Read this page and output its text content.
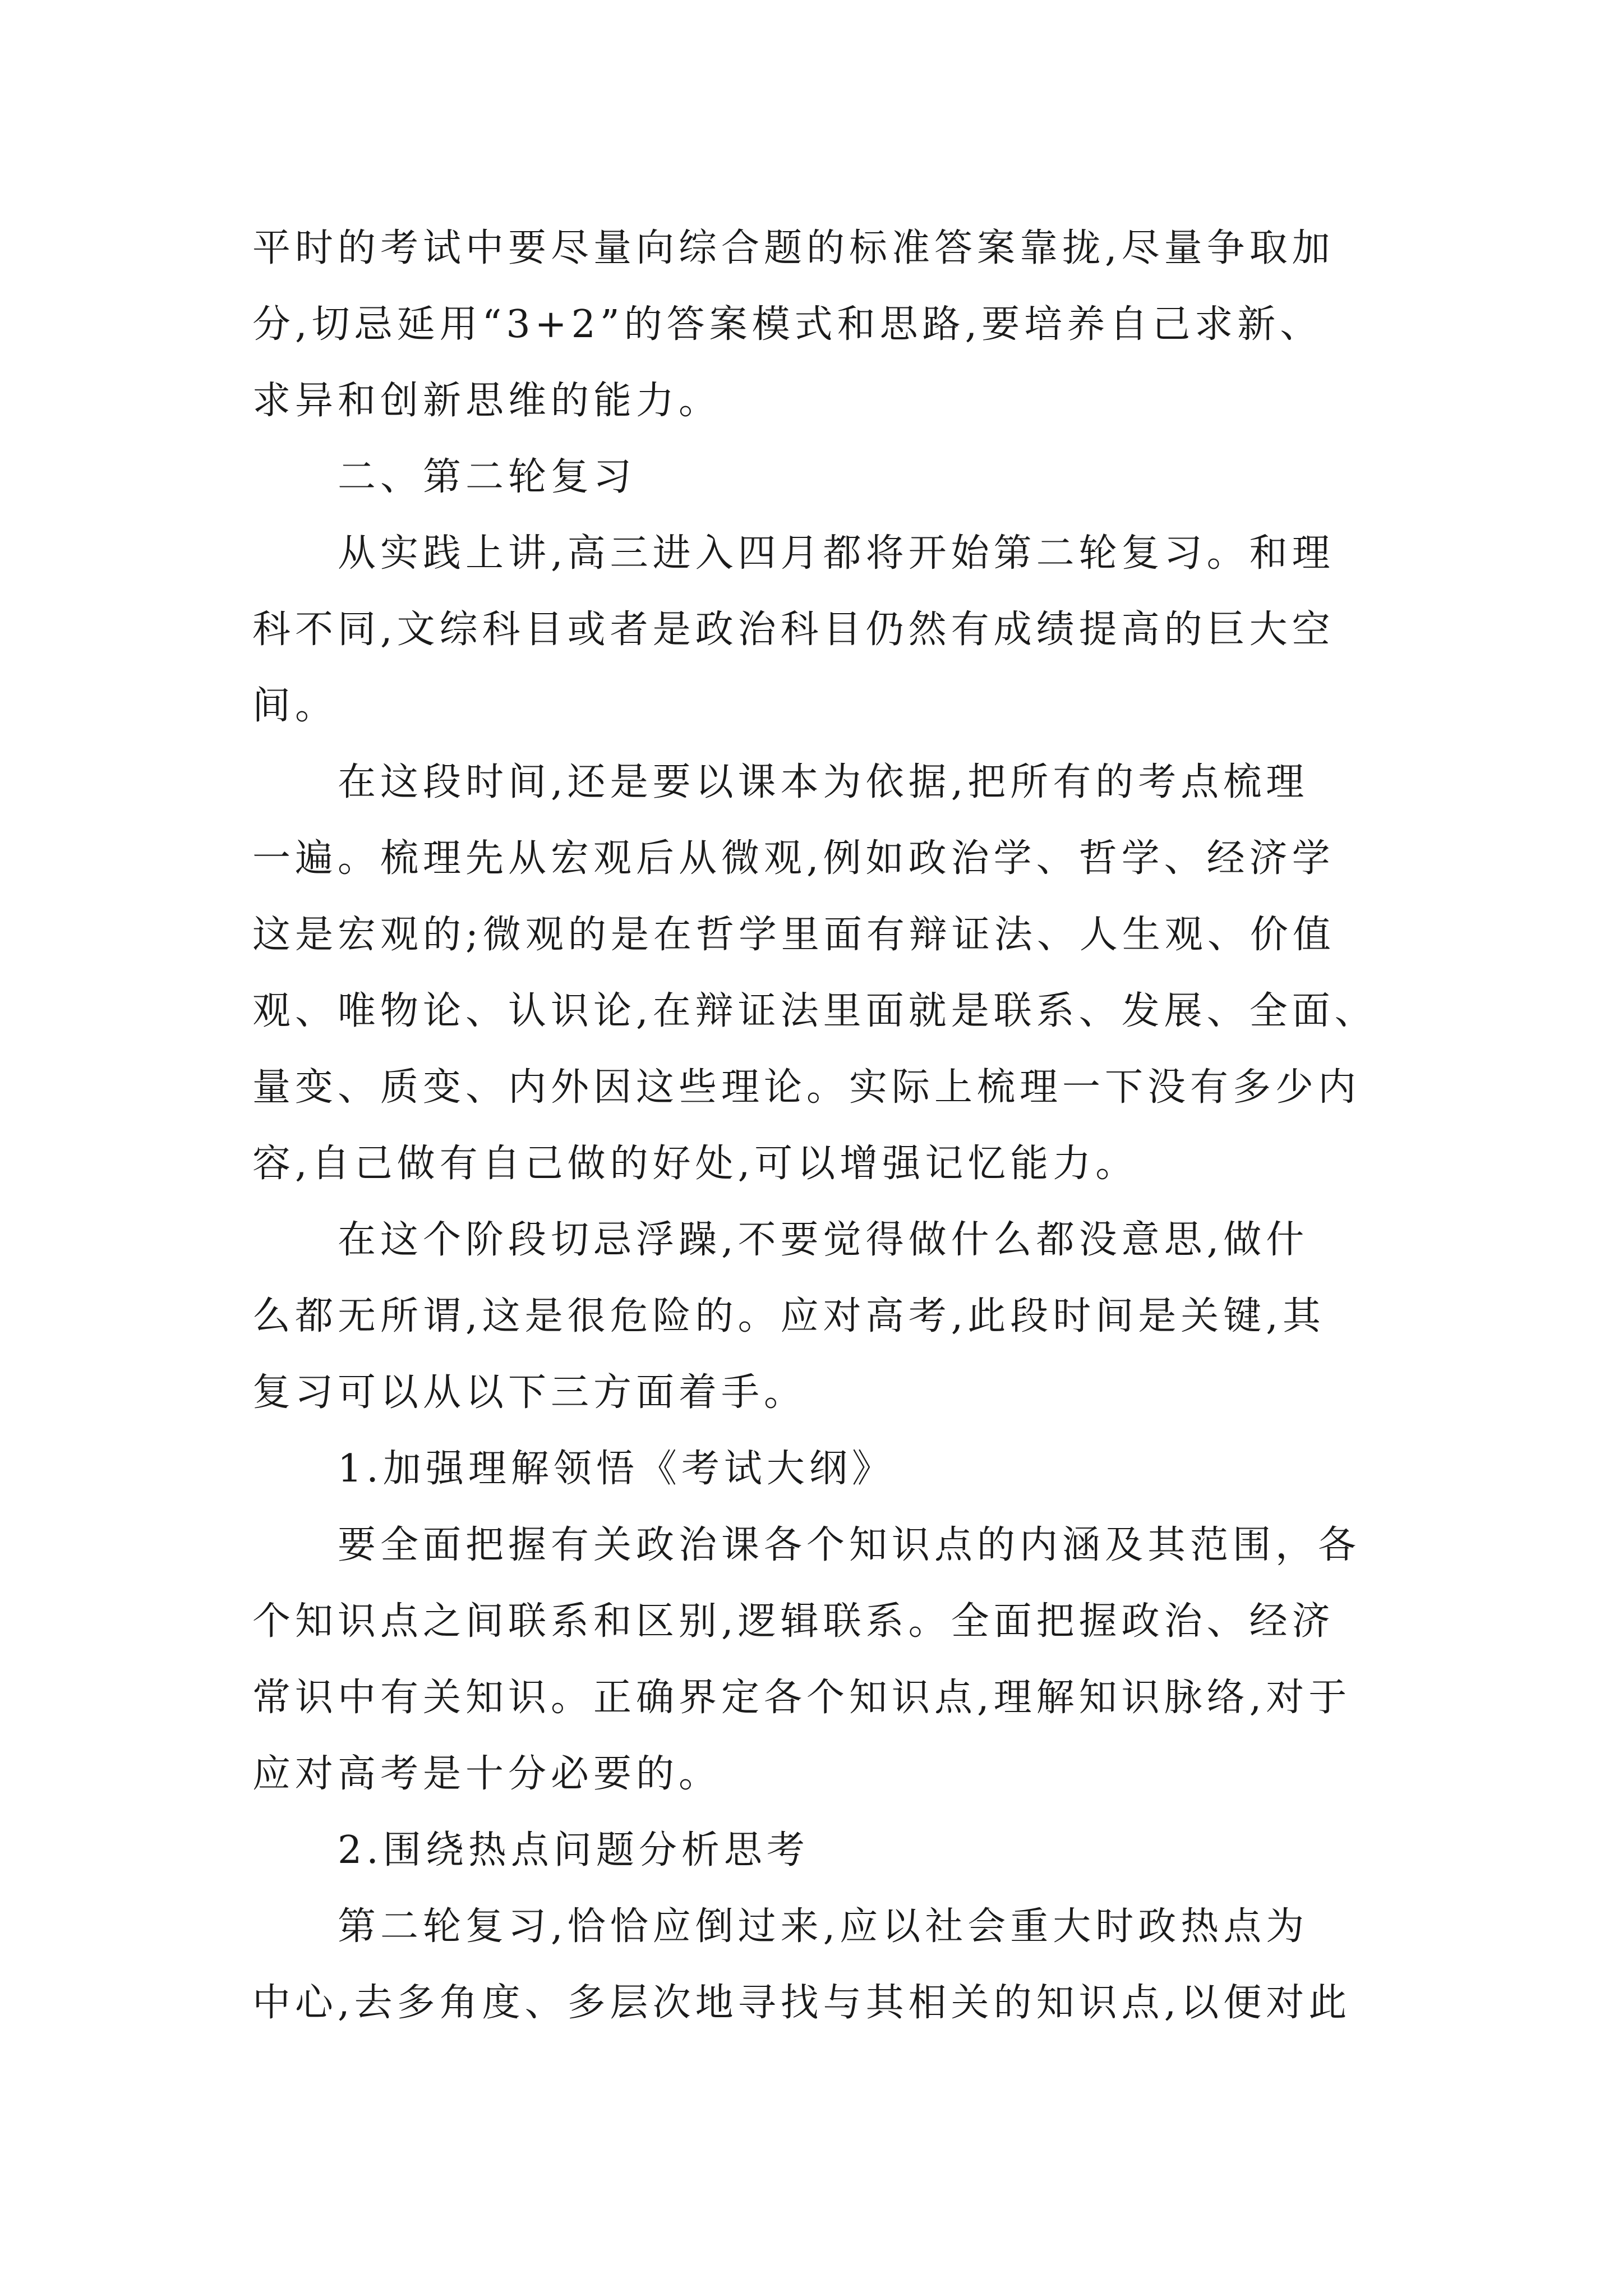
平时的考试中要尽量向综合题的标准答案靠拢,尽量争取加
分,切忌延用“3+2”的答案模式和思路,要培养自己求新、
求异和创新思维的能力。
二、第二轮复习
从实践上讲,高三进入四月都将开始第二轮复习。和理
科不同,文综科目或者是政治科目仍然有成绩提高的巨大空
间。
在这段时间,还是要以课本为依据,把所有的考点梳理
一遍。梳理先从宏观后从微观,例如政治学、哲学、经济学
这是宏观的;微观的是在哲学里面有辩证法、人生观、价值
观、唯物论、认识论,在辩证法里面就是联系、发展、全面、
量变、质变、内外因这些理论。实际上梳理一下没有多少内
容,自己做有自己做的好处,可以增强记忆能力。
在这个阶段切忌浮躁,不要觉得做什么都没意思,做什
么都无所谓,这是很危险的。应对高考,此段时间是关键,其
复习可以从以下三方面着手。
1.加强理解领悟《考试大纲》
要全面把握有关政治课各个知识点的内涵及其范围，各
个知识点之间联系和区别,逻辑联系。全面把握政治、经济
常识中有关知识。正确界定各个知识点,理解知识脉络,对于
应对高考是十分必要的。
2.围绕热点问题分析思考
第二轮复习,恰恰应倒过来,应以社会重大时政热点为
中心,去多角度、多层次地寻找与其相关的知识点,以便对此
